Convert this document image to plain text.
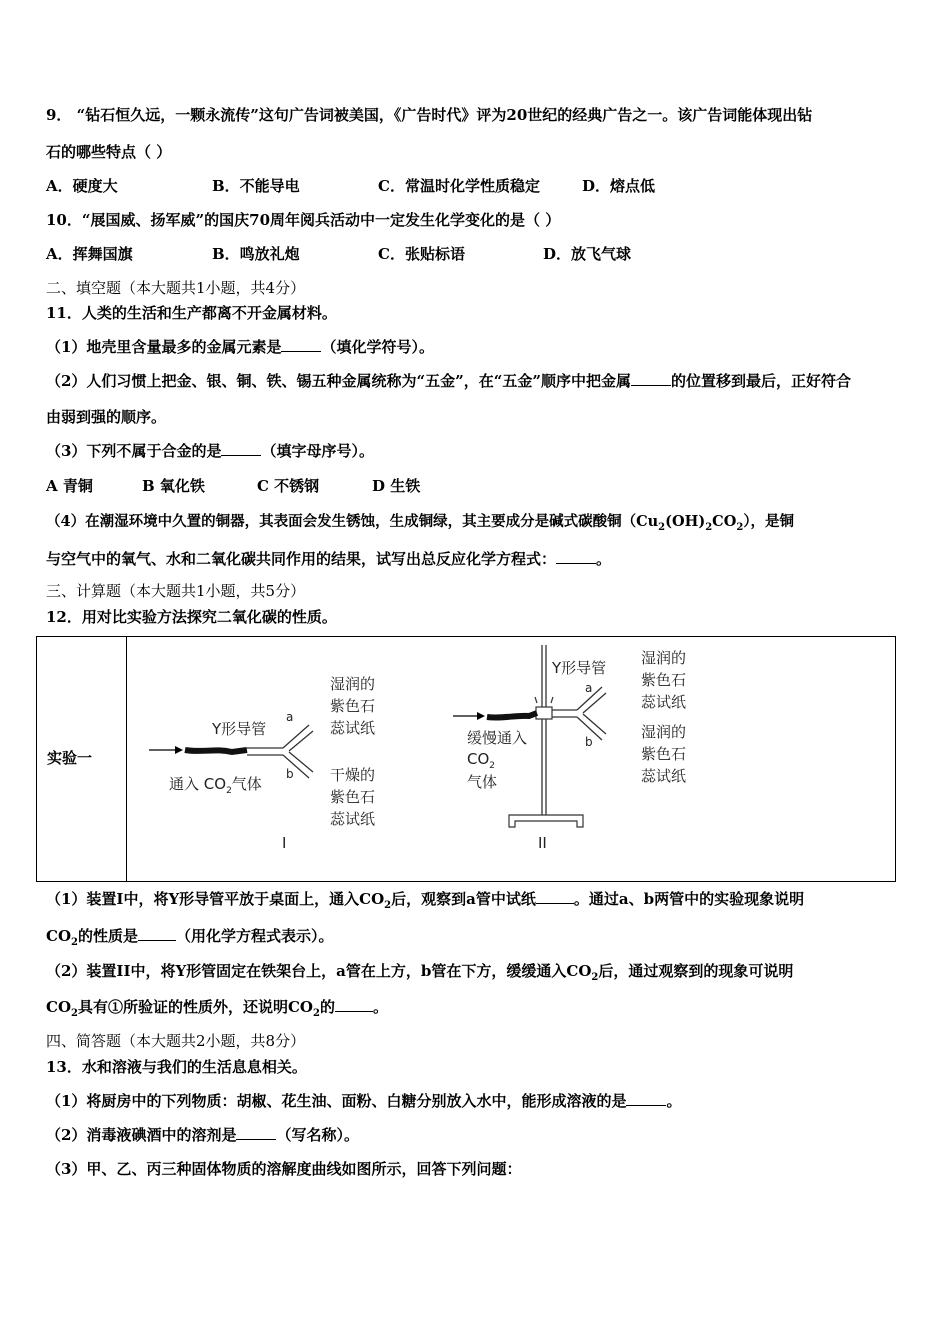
9． “钻石恒久远，一颗永流传”这句广告词被美国，《广告时代》评为20世纪的经典广告之一。该广告词能体现出钻
石的哪些特点（ ）
A．硬度大	B．不能导电	C．常温时化学性质稳定	D．熔点低
10．“展国威、扬军威”的国庆70周年阅兵活动中一定发生化学变化的是（ ）
A．挥舞国旗	B．鸣放礼炮	C．张贴标语	D．放飞气球
二、填空题（本大题共1小题，共4分）
11．人类的生活和生产都离不开金属材料。
（1）地壳里含量最多的金属元素是	（填化学符号）。
（2）人们习惯上把金、银、铜、铁、锡五种金属统称为“五金”，在“五金”顺序中把金属	的位置移到最后，正好符合
由弱到强的顺序。
（3）下列不属于合金的是	（填字母序号）。
A 青铜	B 氧化铁	C 不锈钢	D 生铁
（4）在潮湿环境中久置的铜器，其表面会发生锈蚀，生成铜绿，其主要成分是碱式碳酸铜$(Cu_2(OH)_2CO_2)$，是铜
与空气中的氧气、水和二氧化碳共同作用的结果，试写出总反应化学方程式：	。
三、计算题（本大题共1小题，共5分）
12．用对比实验方法探究二氧化碳的性质。
实验一
Y形导管
a
b
湿润的
紫色石
蕊试纸
干燥的
紫色石
蕊试纸
通入 $CO_2$气体
I
Y形导管
a
b
湿润的
紫色石
蕊试纸
湿润的
紫色石
蕊试纸
缓慢通入
$CO_2$
气体
II
（1）装置I中，将Y形导管平放于桌面上，通入$CO_2$后，观察到a管中试纸	。通过a、b两管中的实验现象说明
$CO_2$的性质是	（用化学方程式表示）。
（2）装置II中，将Y形管固定在铁架台上，a管在上方，b管在下方，缓缓通入$CO_2$后，通过观察到的现象可说明
$CO_2$具有①所验证的性质外，还说明$CO_2$的	。
四、简答题（本大题共2小题，共8分）
13．水和溶液与我们的生活息息相关。
（1）将厨房中的下列物质：胡椒、花生油、面粉、白糖分别放入水中，能形成溶液的是	。
（2）消毒液碘酒中的溶剂是	（写名称）。
（3）甲、乙、丙三种固体物质的溶解度曲线如图所示，回答下列问题：
